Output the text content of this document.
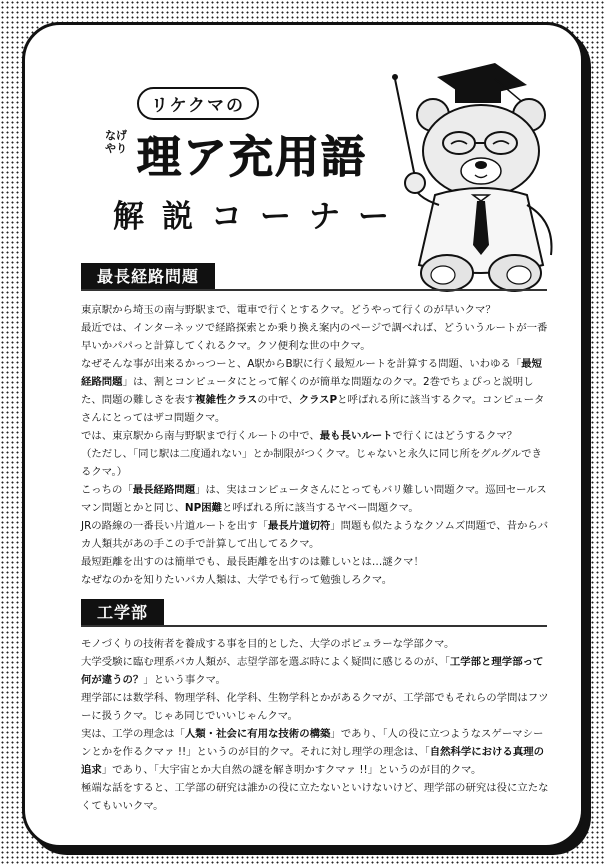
リケクマの
なげやり 理ア充用語
解説コーナー
最長経路問題

東京駅から埼玉の南与野駅まで、電車で行くとするクマ。どうやって行くのが早いクマ？

最近では、インターネッツで経路探索とか乗り換え案内のページで調べれば、どういうルートが一番早いかパパっと計算してくれるクマ。クソ便利な世の中クマ。

なぜそんな事が出来るかっつーと、A駅からB駅に行く最短ルートを計算する問題、いわゆる「最短経路問題」は、割とコンピュータにとって解くのが簡単な問題なのクマ。2巻でちょぴっと説明した、問題の難しさを表す複雑性クラスの中で、クラスPと呼ばれる所に該当するクマ。コンピュータさんにとってはザコ問題クマ。

では、東京駅から南与野駅まで行くルートの中で、最も長いルートで行くにはどうするクマ？

（ただし、「同じ駅は二度通れない」とか制限がつくクマ。じゃないと永久に同じ所をグルグルできるクマ。）

こっちの「最長経路問題」は、実はコンピュータさんにとってもバリ難しい問題クマ。巡回セールスマン問題とかと同じ、NP困難と呼ばれる所に該当するヤベー問題クマ。

JRの路線の一番長い片道ルートを出す「最長片道切符」問題も似たようなクソムズ問題で、昔からバカ人類共があの手この手で計算して出してるクマ。

最短距離を出すのは簡単でも、最長距離を出すのは難しいとは…謎クマ！

なぜなのかを知りたいバカ人類は、大学でも行って勉強しろクマ。

工学部

モノづくりの技術者を養成する事を目的とした、大学のポピュラーな学部クマ。

大学受験に臨む理系バカ人類が、志望学部を選ぶ時によく疑問に感じるのが、「工学部と理学部って何が違うの？」という事クマ。

理学部には数学科、物理学科、化学科、生物学科とかがあるクマが、工学部でもそれらの学問はフツーに扱うクマ。じゃあ同じでいいじゃんクマ。

実は、工学の理念は「人類・社会に有用な技術の構築」であり、「人の役に立つようなスゲーマシーンとかを作るクマァ !!」というのが目的クマ。それに対し理学の理念は、「自然科学における真理の追求」であり、「大宇宙とか大自然の謎を解き明かすクマァ !!」というのが目的クマ。

極端な話をすると、工学部の研究は誰かの役に立たないといけないけど、理学部の研究は役に立たなくてもいいクマ。
